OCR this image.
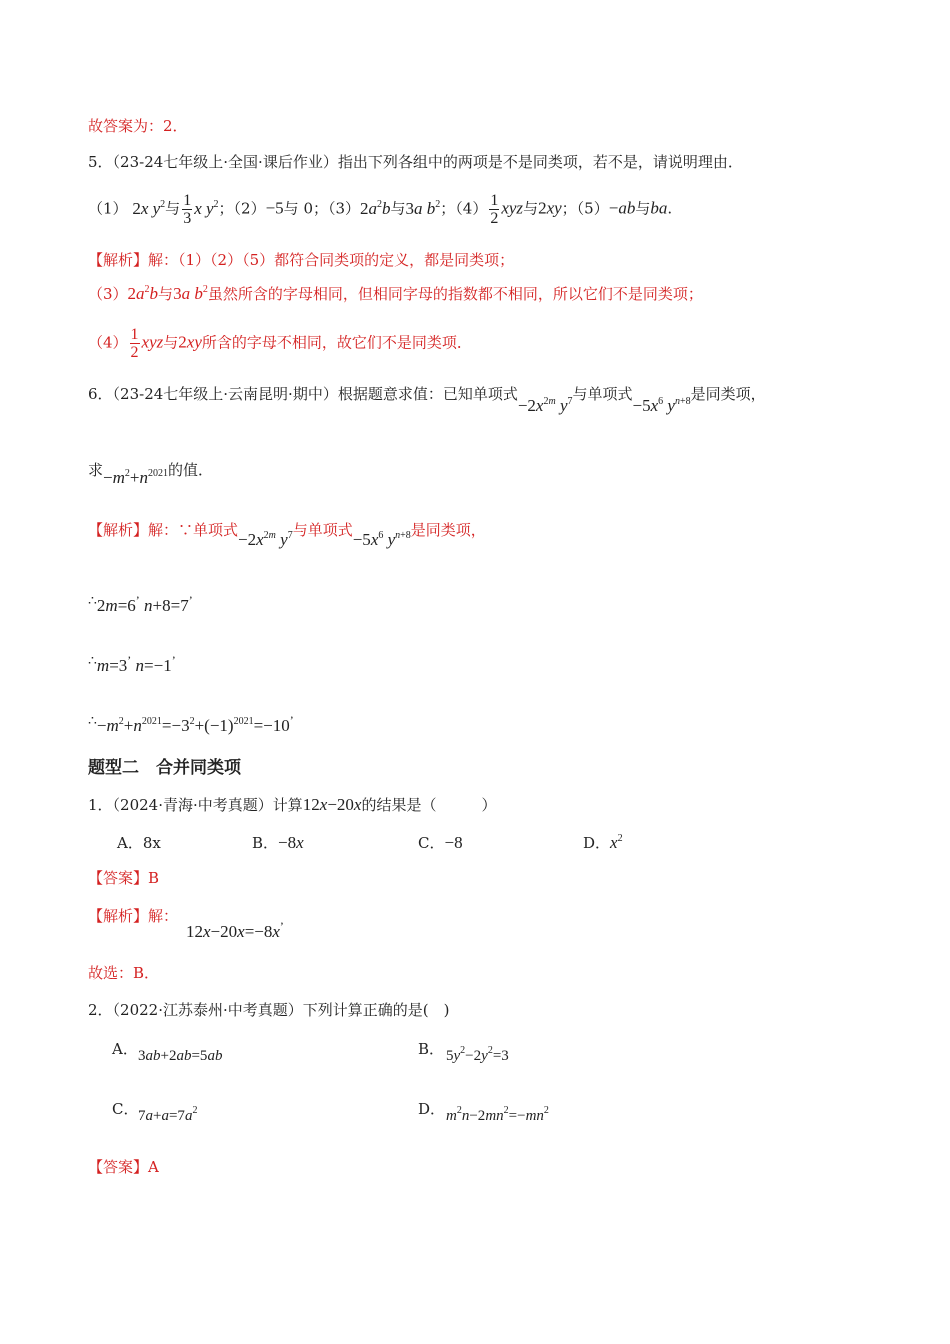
故答案为：2．
5．（23-24七年级上·全国·课后作业）指出下列各组中的两项是不是同类项，若不是，请说明理由．
（1） 2x $y^2$与 $\frac{1}{3}$ x $y^2$；（2）−5与 0；$(3)2a^2b$与3a $b^2$；$(4) \frac{1}{2}$ xyz与2xy；（5）−ab与ba.
【解析】解：（1）（2）（5）都符合同类项的定义，都是同类项；
$(3)2a^2b$与3a $b^2$虽然所含的字母相同，但相同字母的指数都不相同，所以它们不是同类项；
$(4) \frac{1}{2}$ xyz与2xy所含的字母不相同，故它们不是同类项．
6．（23-24七年级上·云南昆明·期中）根据题意求值：已知单项式$-2x^{2m}$ $y^7$与单项式$-5x^6$ $y^{n+8}$是同类项，
求$-m^2+n^{2021}$的值．
【解析】解：∵单项式$-2x^{2m}$ $y^7$与单项式$-5x^6$ $y^{n+8}$是同类项，
∴2m=6’ n+8=7’
∴m=3’ n=−1’
$\therefore-m^2+n^{2021}=-3^2+(-1)^{2021}=-10^’$
题型二　合并同类项
1．（2024·青海·中考真题）计算12x−20x的结果是（　　　）
A．8x	B．−8x	C．−8	D．$x^2$
【答案】B
【解析】解：
12x−20x=−8x’
故选：B．
2．（2022·江苏泰州·中考真题）下列计算正确的是(　)
A． 3ab+2ab=5ab	B． $5y^2-2y^2=3$
C． $7a+a=7a^2$	D． $m^2n-2mn^2=-mn^2$
【答案】A
